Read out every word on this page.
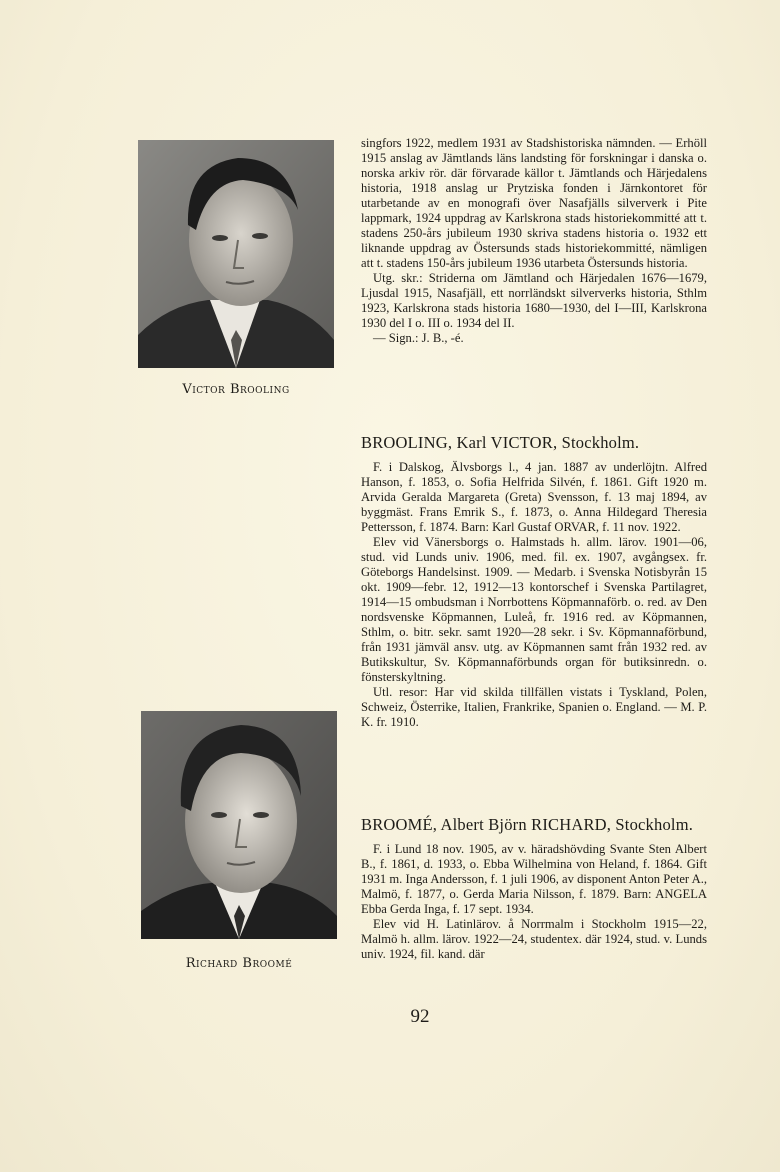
Victor Brooling

singfors 1922, medlem 1931 av Stadshistoriska nämnden. — Erhöll 1915 anslag av Jämtlands läns landsting för forskningar i danska o. norska arkiv rör. där förvarade källor t. Jämtlands och Härjedalens historia, 1918 anslag ur Prytziska fonden i Järnkontoret för utarbetande av en monografi över Nasafjälls silververk i Pite lappmark, 1924 uppdrag av Karlskrona stads historiekommitté att t. stadens 250-års jubileum 1930 skriva stadens historia o. 1932 ett liknande uppdrag av Östersunds stads historiekommitté, nämligen att t. stadens 150-års jubileum 1936 utarbeta Östersunds historia.

Utg. skr.: Striderna om Jämtland och Härjedalen 1676—1679, Ljusdal 1915, Nasafjäll, ett norrländskt silververks historia, Sthlm 1923, Karlskrona stads historia 1680—1930, del I—III, Karlskrona 1930 del I o. III o. 1934 del II.

— Sign.: J. B., -é.

BROOLING, Karl VICTOR, Stockholm.

F. i Dalskog, Älvsborgs l., 4 jan. 1887 av underlöjtn. Alfred Hanson, f. 1853, o. Sofia Helfrida Silvén, f. 1861. Gift 1920 m. Arvida Geralda Margareta (Greta) Svensson, f. 13 maj 1894, av byggmäst. Frans Emrik S., f. 1873, o. Anna Hildegard Theresia Pettersson, f. 1874. Barn: Karl Gustaf ORVAR, f. 11 nov. 1922.

Elev vid Vänersborgs o. Halmstads h. allm. lärov. 1901—06, stud. vid Lunds univ. 1906, med. fil. ex. 1907, avgångsex. fr. Göteborgs Handelsinst. 1909. — Medarb. i Svenska Notisbyrån 15 okt. 1909—febr. 12, 1912—13 kontorschef i Svenska Partilagret, 1914—15 ombudsman i Norrbottens Köpmannaförb. o. red. av Den nordsvenske Köpmannen, Luleå, fr. 1916 red. av Köpmannen, Sthlm, o. bitr. sekr. samt 1920—28 sekr. i Sv. Köpmannaförbund, från 1931 jämväl ansv. utg. av Köpmannen samt från 1932 red. av Butikskultur, Sv. Köpmannaförbunds organ för butiksinredn. o. fönsterskyltning.

Utl. resor: Har vid skilda tillfällen vistats i Tyskland, Polen, Schweiz, Österrike, Italien, Frankrike, Spanien o. England. — M. P. K. fr. 1910.

Richard Broomé
BROOMÉ, Albert Björn RICHARD, Stockholm.

F. i Lund 18 nov. 1905, av v. häradshövding Svante Sten Albert B., f. 1861, d. 1933, o. Ebba Wilhelmina von Heland, f. 1864. Gift 1931 m. Inga Andersson, f. 1 juli 1906, av disponent Anton Peter A., Malmö, f. 1877, o. Gerda Maria Nilsson, f. 1879. Barn: ANGELA Ebba Gerda Inga, f. 17 sept. 1934.

Elev vid H. Latinlärov. å Norrmalm i Stockholm 1915—22, Malmö h. allm. lärov. 1922—24, studentex. där 1924, stud. v. Lunds univ. 1924, fil. kand. där

92
